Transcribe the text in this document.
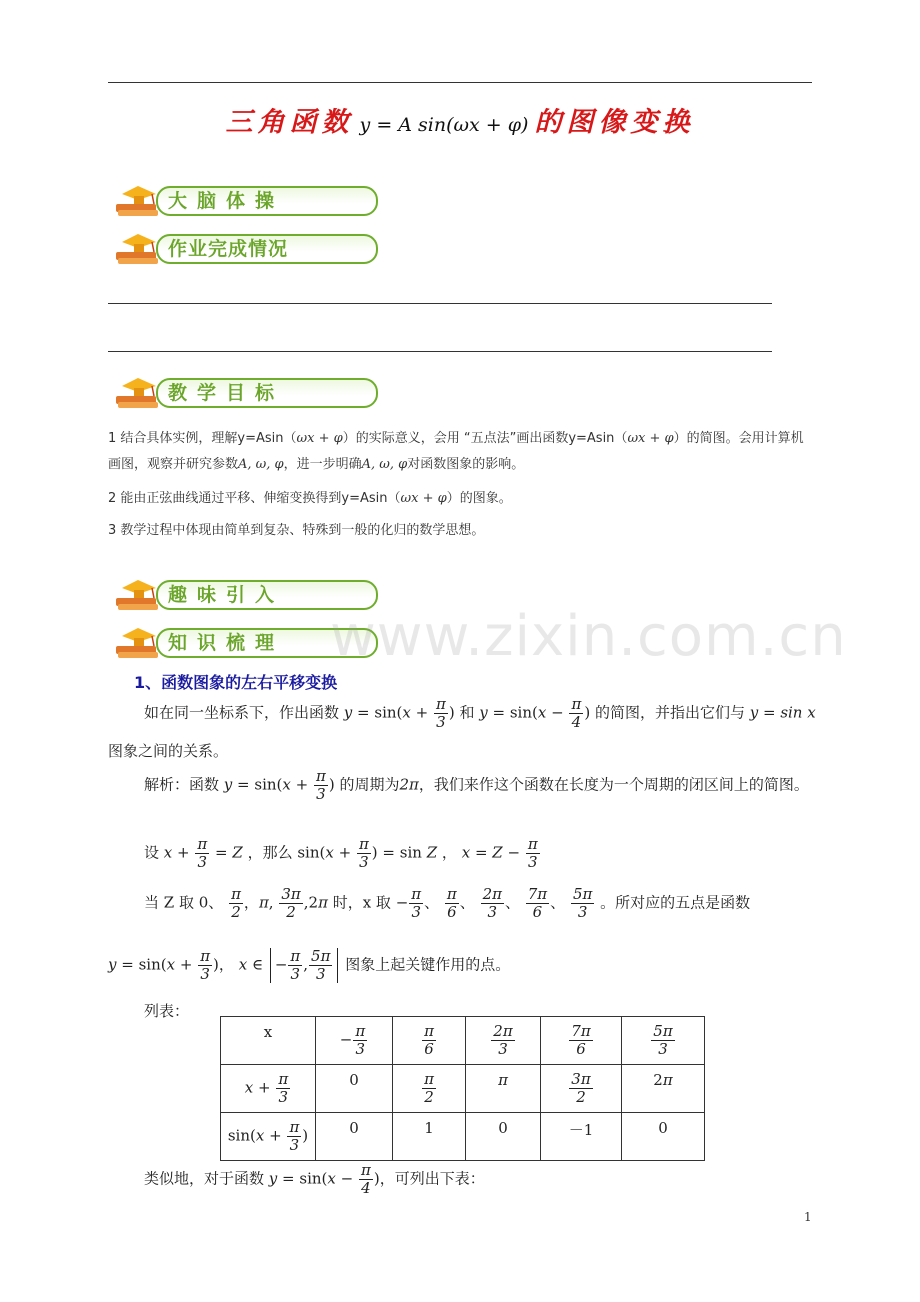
三角函数 y = A sin(ωx + φ) 的图像变换
大脑体操
作业完成情况
教学目标
1 结合具体实例，理解y=Asin（ωx + φ）的实际意义，会用 “五点法”画出函数y=Asin（ωx + φ）的简图。会用计算机画图，观察并研究参数A, ω, φ，进一步明确A, ω, φ对函数图象的影响。
2 能由正弦曲线通过平移、伸缩变换得到y=Asin（ωx + φ）的图象。
3 教学过程中体现由简单到复杂、特殊到一般的化归的数学思想。
趣味引入
知识梳理 www.zixin.com.cn
1、函数图象的左右平移变换
如在同一坐标系下，作出函数 $y = \sin(x + \frac{\pi}{3}$ ) 和 $y = \sin(x - \frac{\pi}{4}$ ) 的简图，并指出它们与 y = sin x
图象之间的关系。
解析：函数 $y = \sin(x + \frac{\pi}{3}$ ) 的周期为2π，我们来作这个函数在长度为一个周期的闭区间上的简图。
设 $x + \frac{\pi}{3} = Z$ ，那么 $\sin(x + \frac{\pi}{3}$ ) = sin Z ， $x = Z - \frac{\pi}{3}$
当 Z 取 0、 $\frac{\pi}{2}$ ，π, $\frac{3\pi}{2} ,2\pi$ 时，x 取 − $\frac{\pi}{3}$ 、 $\frac{\pi}{6}$ 、 $\frac{2\pi}{3}$ 、 $\frac{7\pi}{6}$ 、 $\frac{5\pi}{3}$ 。所对应的五点是函数
$y = \sin(x + \frac{\pi}{3}$ )， x ∈ − $\frac{\pi}{3}$ , $\frac{5\pi}{3}$ 图象上起关键作用的点。
列表：
x	− $\frac{\pi}{3}$	$\frac{\pi}{6}$	$\frac{2\pi}{3}$	$\frac{7\pi}{6}$	$\frac{5\pi}{3}$

$x + \frac{\pi}{3}$	0	$\frac{\pi}{2}$	π	$\frac{3\pi}{2}$	2π
$\sin(x + \frac{\pi}{3}$ )	0	1	0	－1	0
类似地，对于函数 $y = \sin(x - \frac{\pi}{4}$ )，可列出下表：
1
